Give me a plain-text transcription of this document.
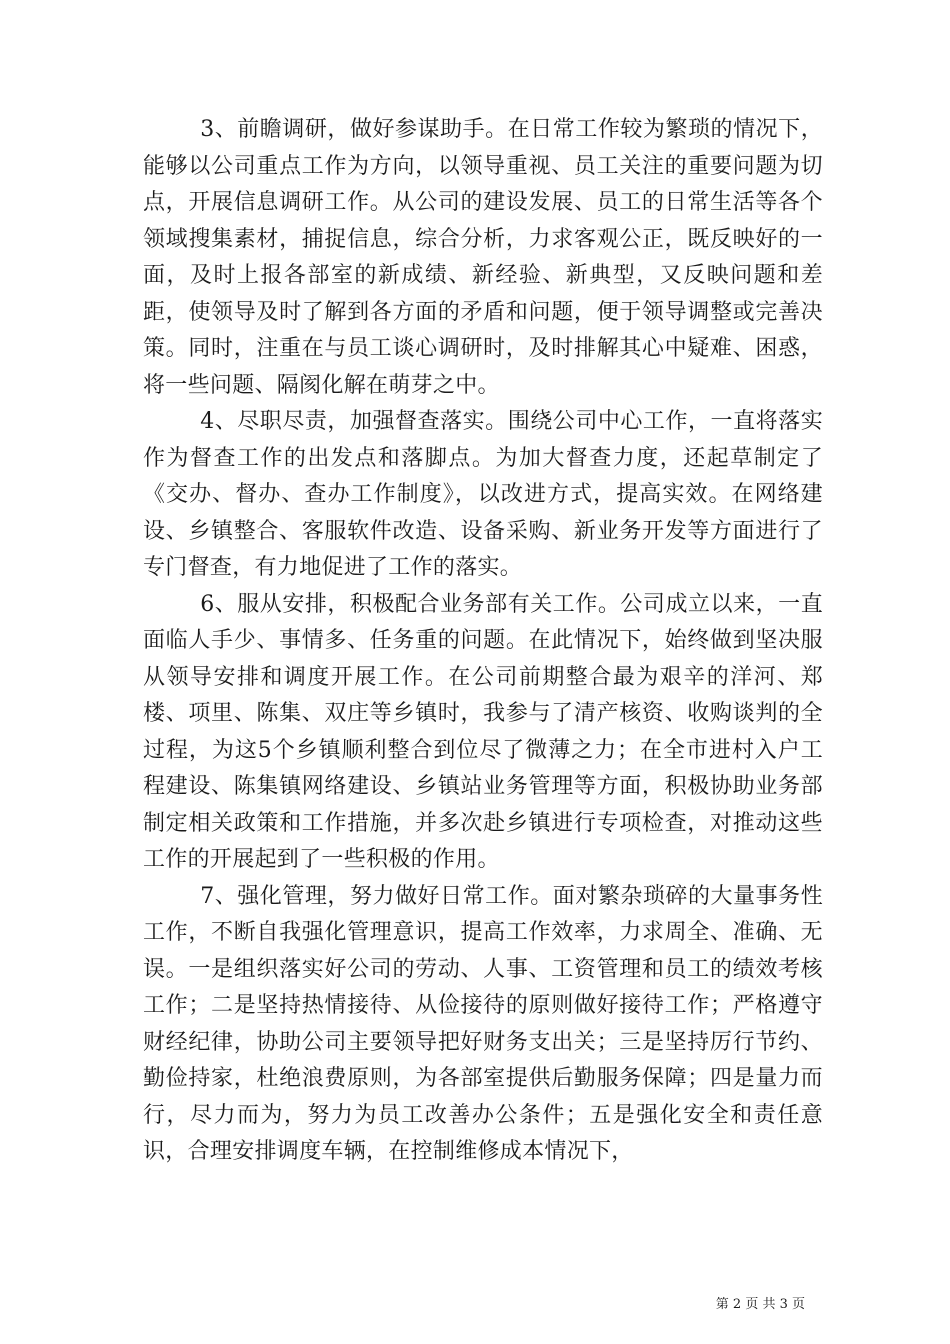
3、前瞻调研，做好参谋助手。在日常工作较为繁琐的情况下，能够以公司重点工作为方向，以领导重视、员工关注的重要问题为切点，开展信息调研工作。从公司的建设发展、员工的日常生活等各个领域搜集素材，捕捉信息，综合分析，力求客观公正，既反映好的一面，及时上报各部室的新成绩、新经验、新典型，又反映问题和差距，使领导及时了解到各方面的矛盾和问题，便于领导调整或完善决策。同时，注重在与员工谈心调研时，及时排解其心中疑难、困惑，将一些问题、隔阂化解在萌芽之中。

4、尽职尽责，加强督查落实。围绕公司中心工作，一直将落实作为督查工作的出发点和落脚点。为加大督查力度，还起草制定了《交办、督办、查办工作制度》，以改进方式，提高实效。在网络建设、乡镇整合、客服软件改造、设备采购、新业务开发等方面进行了专门督查，有力地促进了工作的落实。

6、服从安排，积极配合业务部有关工作。公司成立以来，一直面临人手少、事情多、任务重的问题。在此情况下，始终做到坚决服从领导安排和调度开展工作。在公司前期整合最为艰辛的洋河、郑楼、项里、陈集、双庄等乡镇时，我参与了清产核资、收购谈判的全过程，为这5个乡镇顺利整合到位尽了微薄之力；在全市进村入户工程建设、陈集镇网络建设、乡镇站业务管理等方面，积极协助业务部制定相关政策和工作措施，并多次赴乡镇进行专项检查，对推动这些工作的开展起到了一些积极的作用。

7、强化管理，努力做好日常工作。面对繁杂琐碎的大量事务性工作，不断自我强化管理意识，提高工作效率，力求周全、准确、无误。一是组织落实好公司的劳动、人事、工资管理和员工的绩效考核工作；二是坚持热情接待、从俭接待的原则做好接待工作；严格遵守财经纪律，协助公司主要领导把好财务支出关；三是坚持厉行节约、勤俭持家，杜绝浪费原则，为各部室提供后勤服务保障；四是量力而行，尽力而为，努力为员工改善办公条件；五是强化安全和责任意识，合理安排调度车辆，在控制维修成本情况下，

第 2 页 共 3 页
